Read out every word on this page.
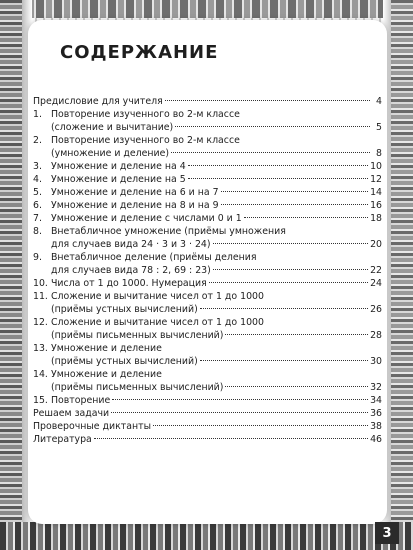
СОДЕРЖАНИЕ
Предисловие для учителя	4
1. Повторение изученного во 2-м классе
(сложение и вычитание)	5
2. Повторение изученного во 2-м классе
(умножение и деление)	8
3. Умножение и деление на 4	10
4. Умножение и деление на 5	12
5. Умножение и деление на 6 и на 7	14
6. Умножение и деление на 8 и на 9	16
7. Умножение и деление с числами 0 и 1	18
8. Внетабличное умножение (приёмы умножения
для случаев вида 24 · 3 и 3 · 24)	20
9. Внетабличное деление (приёмы деления
для случаев вида 78 : 2, 69 : 23)	22
10. Числа от 1 до 1000. Нумерация	24
11. Сложение и вычитание чисел от 1 до 1000
(приёмы устных вычислений)	26
12. Сложение и вычитание чисел от 1 до 1000
(приёмы письменных вычислений)	28
13. Умножение и деление
(приёмы устных вычислений)	30
14. Умножение и деление
(приёмы письменных вычислений)	32
15. Повторение	34
Решаем задачи	36
Проверочные диктанты	38
Литература	46
3
